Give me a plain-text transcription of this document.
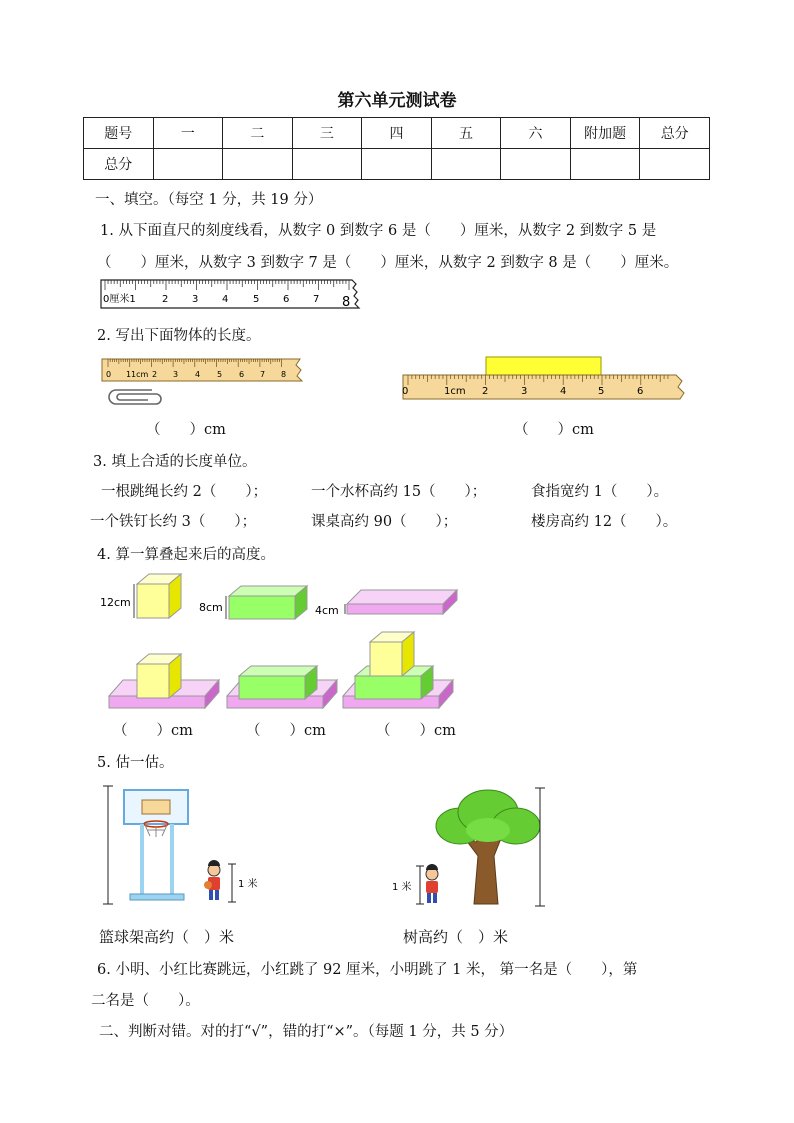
第六单元测试卷
题号	一	二	三	四	五	六	附加题	总分
总分								
一、填空。（每空 1 分，共 19 分）
1. 从下面直尺的刻度线看，从数字 0 到数字 6 是（　　）厘米，从数字 2 到数字 5 是
（　　）厘米，从数字 3 到数字 7 是（　　）厘米，从数字 2 到数字 8 是（　　）厘米。
0厘米1	2 3 4 5 6 7 8
2. 写出下面物体的长度。
0 1 1cm 2 3 4 5 6 7 8
（　　）cm
0	1cm 2	3	4	5	6
（　　）cm
3. 填上合适的长度单位。
一根跳绳长约 2（　　）；	一个水杯高约 15（　　）；	食指宽约 1（　　）。
一个铁钉长约 3（　　）；	课桌高约 90（　　）；	楼房高约 12（　　）。
4. 算一算叠起来后的高度。
12cm	8cm	4cm
（　　）cm	（　　）cm	（　　）cm
5. 估一估。
1 米	1 米
篮球架高约（　）米	树高约（　）米
6. 小明、小红比赛跳远，小红跳了 92 厘米，小明跳了 1 米， 第一名是（　　），第
二名是（　　）。
二、判断对错。对的打“√”，错的打“×”。（每题 1 分，共 5 分）
